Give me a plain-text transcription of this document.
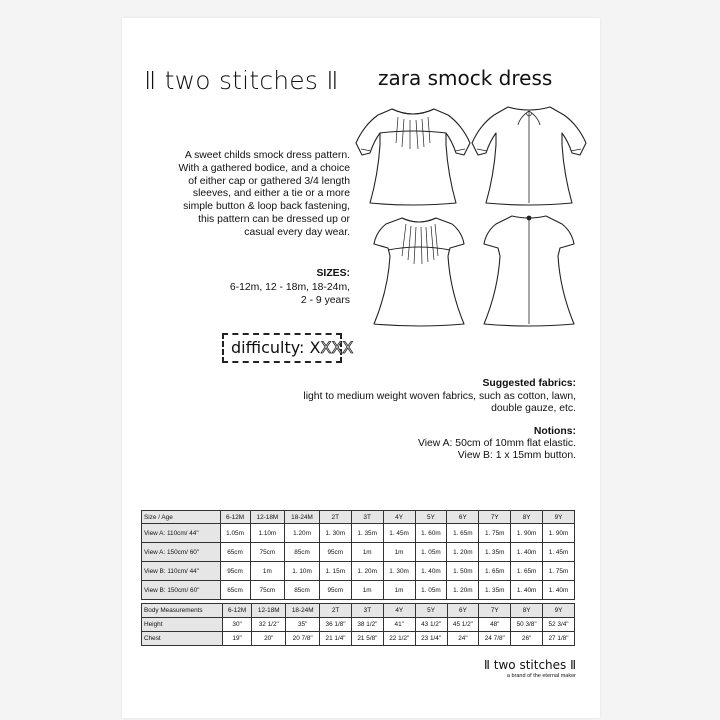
Ⅱ two stitches Ⅱ zara smock dress
A sweet childs smock dress pattern.
With a gathered bodice, and a choice
of either cap or gathered 3/4 length
sleeves, and either a tie or a more
simple button & loop back fastening,
this pattern can be dressed up or
casual every day wear.
SIZES:
6-12m, 12 - 18m, 18-24m,
2 - 9 years
difficulty: XXXX
Suggested fabrics:
light to medium weight woven fabrics, such as cotton, lawn,
double gauze, etc.
Notions:
View A: 50cm of 10mm flat elastic.
View B: 1 x 15mm button.
Size / Age	6-12M	12-18M	18-24M	2T	3T	4Y	5Y	6Y	7Y	8Y	9Y
View A: 110cm/ 44"	1.05m	1.10m	1.20m	1. 30m	1. 35m	1. 45m	1. 60m	1. 65m	1. 75m	1. 90m	1. 90m
View A: 150cm/ 60"	65cm	75cm	85cm	95cm	1m	1m	1. 05m	1. 20m	1. 35m	1. 40m	1. 45m
View B: 110cm/ 44"	95cm	1m	1. 10m	1. 15m	1. 20m	1. 30m	1. 40m	1. 50m	1. 65m	1. 65m	1. 75m
View B: 150cm/ 60"	65cm	75cm	85cm	95cm	1m	1m	1. 05m	1. 20m	1. 35m	1. 40m	1. 40m
Body Measurements	6-12M	12-18M	18-24M	2T	3T	4Y	5Y	6Y	7Y	8Y	9Y
Height	30"	32 1/2"	35"	36 1/8"	38 1/2"	41"	43 1/2"	45 1/2"	48"	50 3/8"	52 3/4"
Chest	19"	20"	20 7/8"	21 1/4"	21 5/8"	22 1/2"	23 1/4"	24"	24 7/8"	26"	27 1/8"
Ⅱ two stitches Ⅱ
a brand of the eternal maker
